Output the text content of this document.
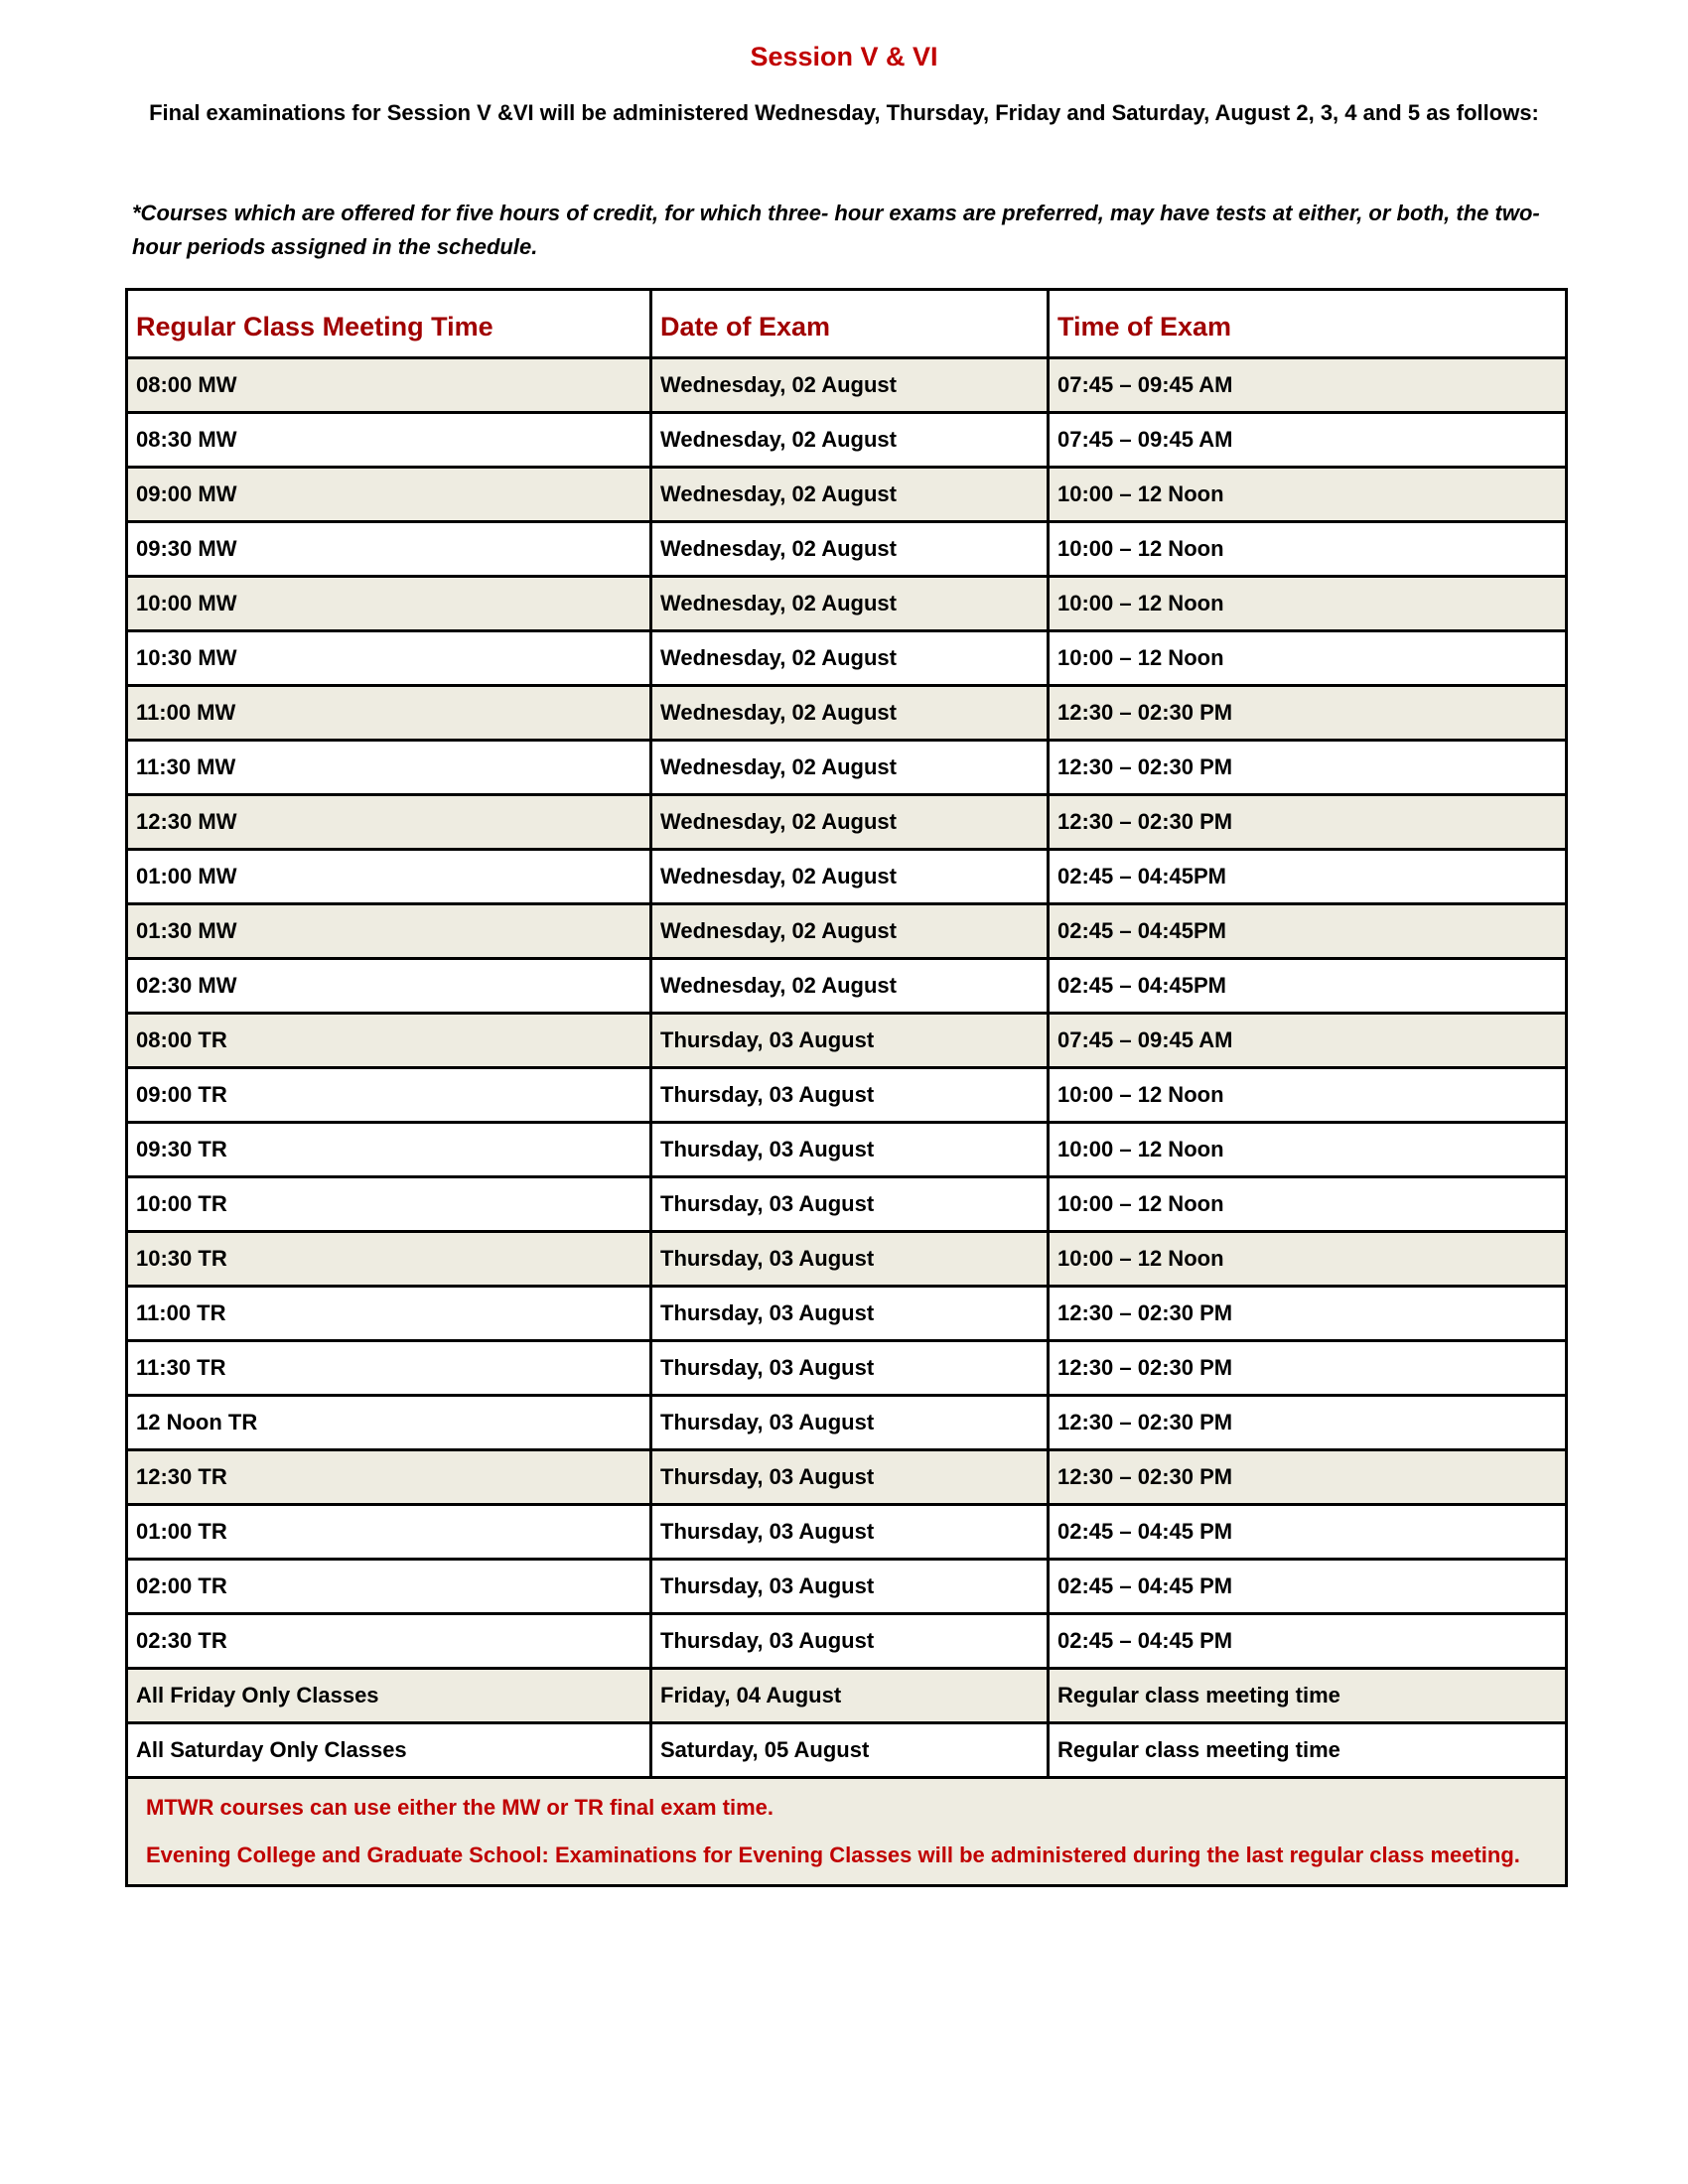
Session V & VI
Final examinations for Session V &VI will be administered Wednesday, Thursday, Friday and Saturday, August 2, 3, 4 and 5 as follows:
*Courses which are offered for five hours of credit, for which three- hour exams are preferred, may have tests at either, or both, the two- hour periods assigned in the schedule.
Regular Class Meeting Time	Date of Exam	Time of Exam
08:00 MW	Wednesday, 02 August	07:45 – 09:45 AM
08:30 MW	Wednesday, 02 August	07:45 – 09:45 AM
09:00 MW	Wednesday, 02 August	10:00 – 12 Noon
09:30 MW	Wednesday, 02 August	10:00 – 12 Noon
10:00 MW	Wednesday, 02 August	10:00 – 12 Noon
10:30 MW	Wednesday, 02 August	10:00 – 12 Noon
11:00 MW	Wednesday, 02 August	12:30 – 02:30 PM
11:30 MW	Wednesday, 02 August	12:30 – 02:30 PM
12:30 MW	Wednesday, 02 August	12:30 – 02:30 PM
01:00 MW	Wednesday, 02 August	02:45 – 04:45PM
01:30 MW	Wednesday, 02 August	02:45 – 04:45PM
02:30 MW	Wednesday, 02 August	02:45 – 04:45PM
08:00 TR	Thursday, 03 August	07:45 – 09:45 AM
09:00 TR	Thursday, 03 August	10:00 – 12 Noon
09:30 TR	Thursday, 03 August	10:00 – 12 Noon
10:00 TR	Thursday, 03 August	10:00 – 12 Noon
10:30 TR	Thursday, 03 August	10:00 – 12 Noon
11:00 TR	Thursday, 03 August	12:30 – 02:30 PM
11:30 TR	Thursday, 03 August	12:30 – 02:30 PM
12 Noon TR	Thursday, 03 August	12:30 – 02:30 PM
12:30 TR	Thursday, 03 August	12:30 – 02:30 PM
01:00 TR	Thursday, 03 August	02:45 – 04:45 PM
02:00 TR	Thursday, 03 August	02:45 – 04:45 PM
02:30 TR	Thursday, 03 August	02:45 – 04:45 PM
All Friday Only Classes	Friday, 04 August	Regular class meeting time
All Saturday Only Classes	Saturday, 05 August	Regular class meeting time

MTWR courses can use either the MW or TR final exam time.

Evening College and Graduate School: Examinations for Evening Classes will be administered during the last regular class meeting.		
